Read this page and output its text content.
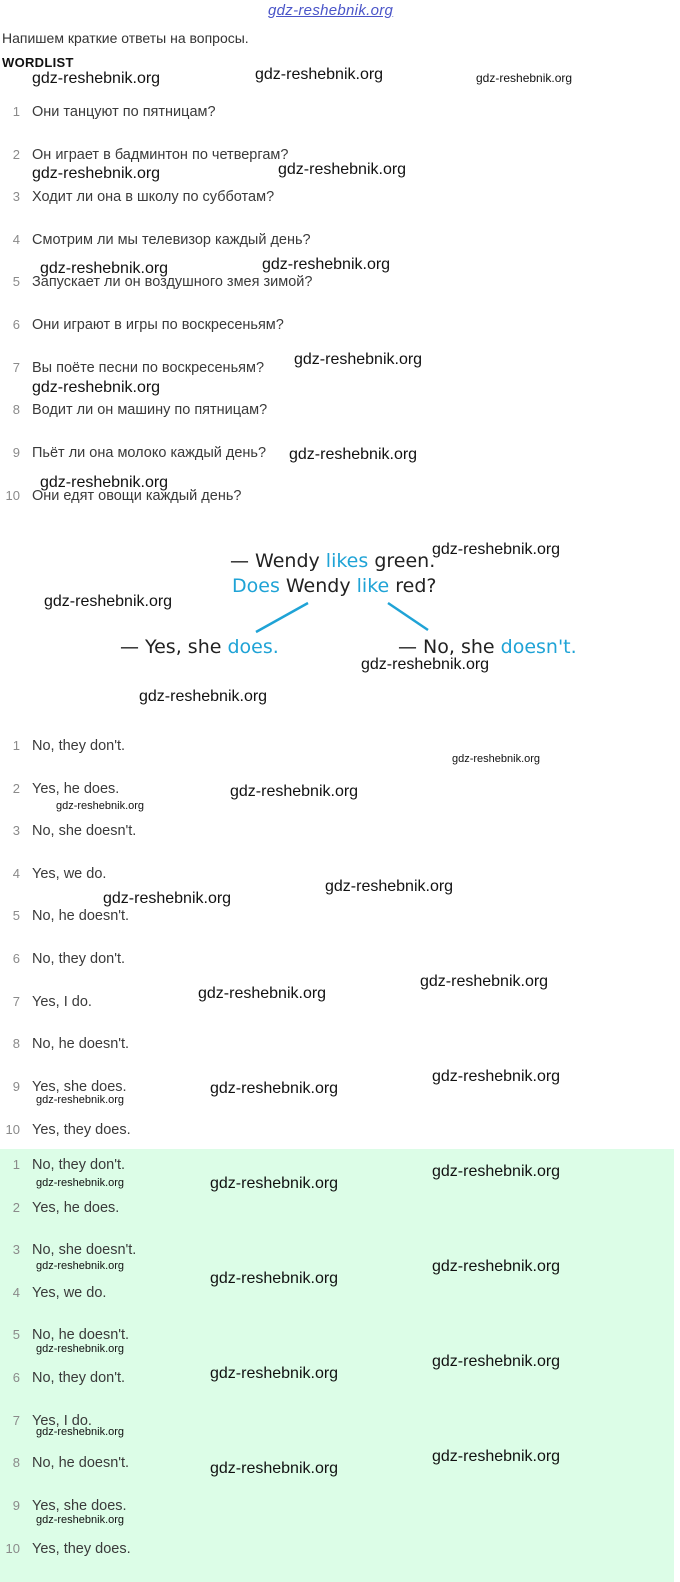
gdz-reshebnik.org
Напишем краткие ответы на вопросы.
WORDLIST
1 Они танцуют по пятницам?
2 Он играет в бадминтон по четвергам?
3 Ходит ли она в школу по субботам?
4 Смотрим ли мы телевизор каждый день?
5 Запускает ли он воздушного змея зимой?
6 Они играют в игры по воскресеньям?
7 Вы поёте песни по воскресеньям?
8 Водит ли он машину по пятницам?
9 Пьёт ли она молоко каждый день?
10 Они едят овощи каждый день?
— Wendy likes green.
Does Wendy like red?
— Yes, she does.	— No, she doesn't.
1 No, they don't.
2 Yes, he does.
3 No, she doesn't.
4 Yes, we do.
5 No, he doesn't.
6 No, they don't.
7 Yes, I do.
8 No, he doesn't.
9 Yes, she does.
10 Yes, they does.
1 No, they don't.
2 Yes, he does.
3 No, she doesn't.
4 Yes, we do.
5 No, he doesn't.
6 No, they don't.
7 Yes, I do.
8 No, he doesn't.
9 Yes, she does.
10 Yes, they does.
gdz-reshebnik.org	gdz-reshebnik.org	gdz-reshebnik.org
gdz-reshebnik.org	gdz-reshebnik.org
gdz-reshebnik.org	gdz-reshebnik.org
gdz-reshebnik.org
gdz-reshebnik.org
gdz-reshebnik.org
gdz-reshebnik.org
gdz-reshebnik.org
gdz-reshebnik.org
gdz-reshebnik.org
gdz-reshebnik.org
gdz-reshebnik.org
gdz-reshebnik.org
gdz-reshebnik.org
gdz-reshebnik.org
gdz-reshebnik.org
gdz-reshebnik.org
gdz-reshebnik.org
gdz-reshebnik.org
gdz-reshebnik.org
gdz-reshebnik.org
gdz-reshebnik.org
gdz-reshebnik.org	gdz-reshebnik.org
gdz-reshebnik.org
gdz-reshebnik.org
gdz-reshebnik.org
gdz-reshebnik.org
gdz-reshebnik.org
gdz-reshebnik.org
gdz-reshebnik.org
gdz-reshebnik.org
gdz-reshebnik.org
gdz-reshebnik.org
